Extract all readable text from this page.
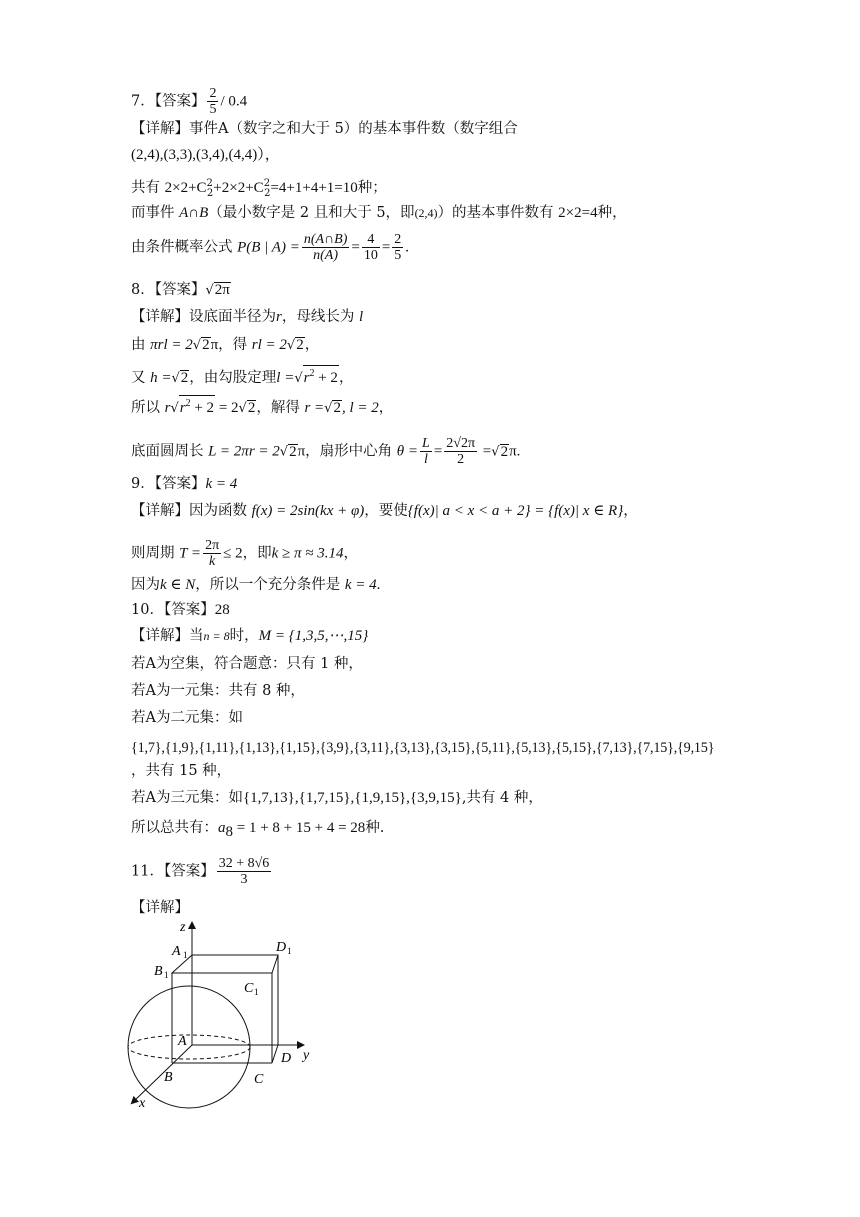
7．【答案】 $\frac{2}{5} / 0.4$
【详解】事件A（数字之和大于 5）的基本事件数（数字组合
(2,4),(3,3),(3,4),(4,4)），
共有 $2\times 2+C^2_2+2\times 2+C^2_2=4+1+4+1=10$种；
而事件 A∩B（最小数字是 2 且和大于 5，即(2,4)）的基本事件数有 2×2=4种，
由条件概率公式 P(B | $A) = \frac{n(A\cap B)}{n(A)} = \frac{4}{10} = \frac{2}{5}$ .
8．【答案】√2π
【详解】设底面半径为r，母线长为 l
由 πrl = 2√2π，得 rl = 2√2，
又 h =√2，由勾股定理$l =√r^2 + 2$，
所以 $r√r^2 + 2 = 2√2$，解得 r =√2, l = 2，
底面圆周长 L = 2πr = 2√2π，扇形中心角 $\theta = \frac{L}{l} = \frac{2√2\pi}{2} =√2\pi$.
9．【答案】k = 4
【详解】因为函数 f(x) = 2sin(kx + φ)，要使{f(x)| a < x < a + 2} = {f(x)| x ∈ R}，
则周期 $T = \frac{2\pi}{k} \le 2$，即k ≥ π ≈ 3.14，
因为k ∈ N，所以一个充分条件是 k = 4.
10．【答案】28
【详解】当n = 8时，M = {1,3,5,⋯,15}
若A为空集，符合题意：只有 1 种，
若A为一元集：共有 8 种，
若A为二元集：如
{1,7},{1,9},{1,11},{1,13},{1,15},{3,9},{3,11},{3,13},{3,15},{5,11},{5,13},{5,15},{7,13},{7,15},{9,15}
，共有 15 种，
若A为三元集：如{1,7,13},{1,7,15},{1,9,15},{3,9,15},共有 4 种，
所以总共有：$a_8 = 1 + 8 + 15 + 4 = 28$种.
11．【答案】 $\frac{32 + 8√6}{3}$
【详解】
z
A 1	D 1
B 1
C 1
A
D y
B	C
x
